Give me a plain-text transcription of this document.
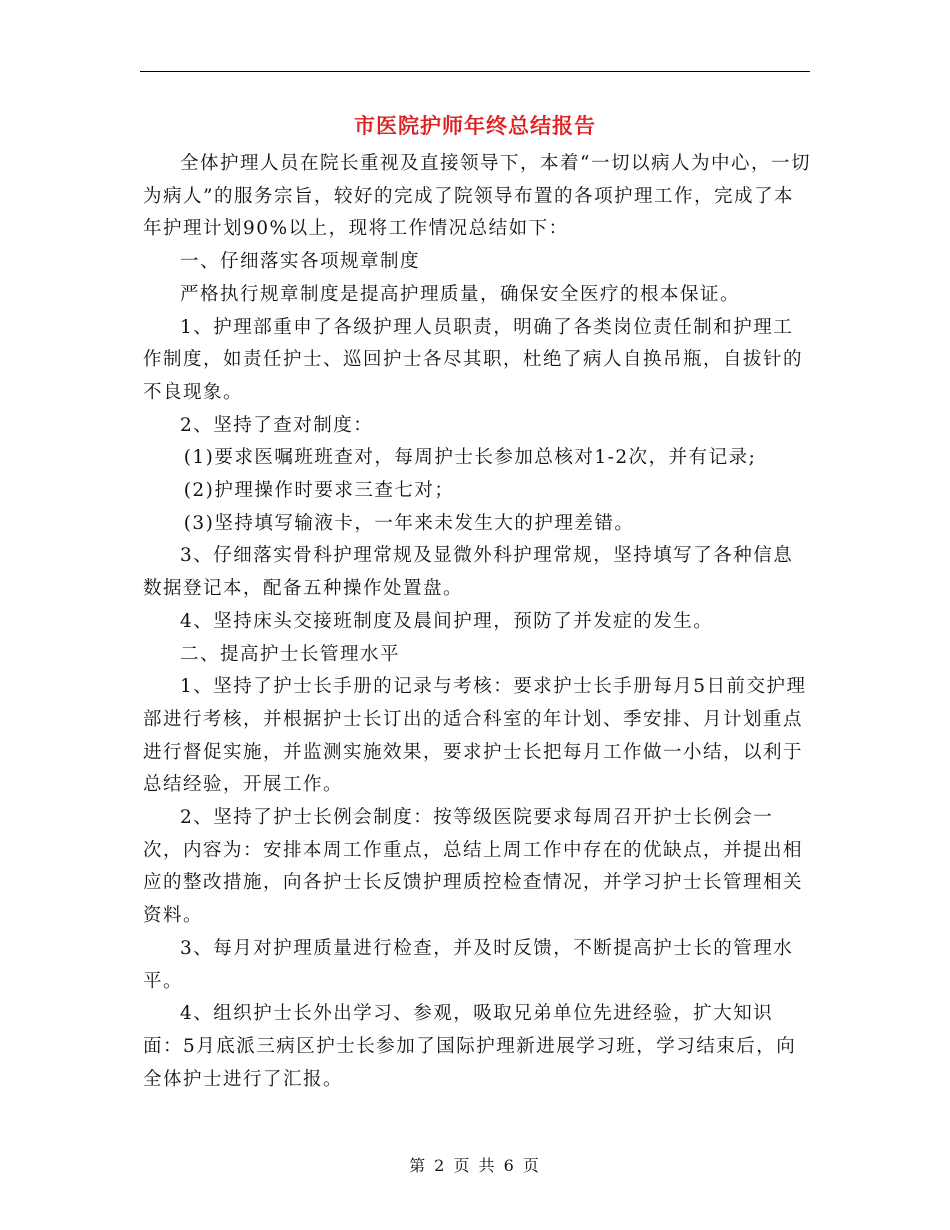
市医院护师年终总结报告

全体护理人员在院长重视及直接领导下，本着“一切以病人为中心，一切为病人”的服务宗旨，较好的完成了院领导布置的各项护理工作，完成了本年护理计划90%以上，现将工作情况总结如下：

一、仔细落实各项规章制度

严格执行规章制度是提高护理质量，确保安全医疗的根本保证。

1、护理部重申了各级护理人员职责，明确了各类岗位责任制和护理工作制度，如责任护士、巡回护士各尽其职，杜绝了病人自换吊瓶，自拔针的不良现象。

2、坚持了查对制度：

(1)要求医嘱班班查对，每周护士长参加总核对1-2次，并有记录;

(2)护理操作时要求三查七对；

(3)坚持填写输液卡，一年来未发生大的护理差错。

3、仔细落实骨科护理常规及显微外科护理常规，坚持填写了各种信息数据登记本，配备五种操作处置盘。

4、坚持床头交接班制度及晨间护理，预防了并发症的发生。

二、提高护士长管理水平

1、坚持了护士长手册的记录与考核：要求护士长手册每月5日前交护理部进行考核，并根据护士长订出的适合科室的年计划、季安排、月计划重点进行督促实施，并监测实施效果，要求护士长把每月工作做一小结，以利于总结经验，开展工作。

2、坚持了护士长例会制度：按等级医院要求每周召开护士长例会一次，内容为：安排本周工作重点，总结上周工作中存在的优缺点，并提出相应的整改措施，向各护士长反馈护理质控检查情况，并学习护士长管理相关资料。

3、每月对护理质量进行检查，并及时反馈，不断提高护士长的管理水平。

4、组织护士长外出学习、参观，吸取兄弟单位先进经验，扩大知识面：5月底派三病区护士长参加了国际护理新进展学习班，学习结束后，向全体护士进行了汇报。

第 2 页 共 6 页
